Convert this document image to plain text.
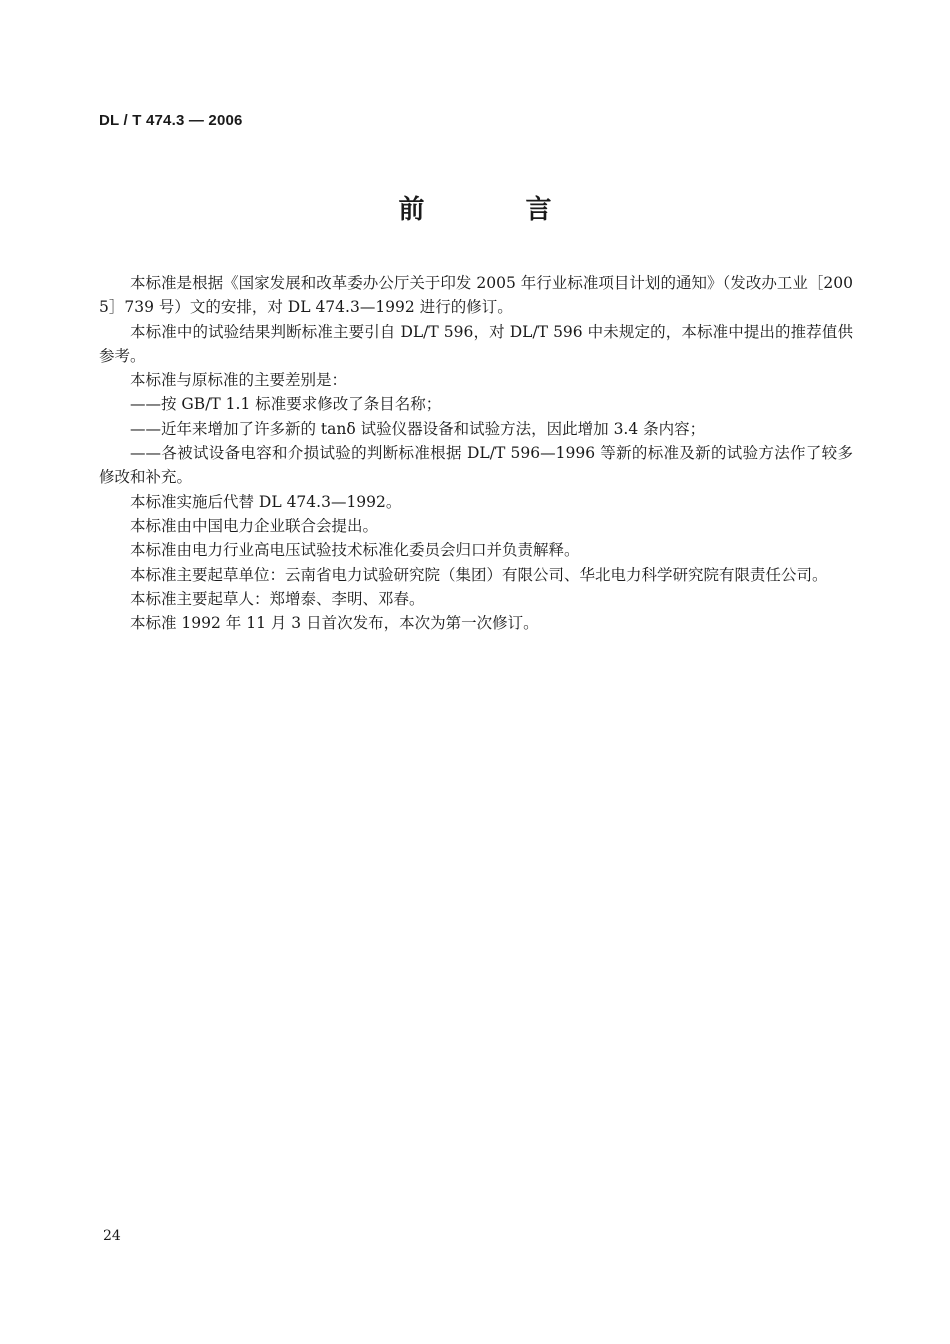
DL / T 474.3 — 2006
前 言

本标准是根据《国家发展和改革委办公厅关于印发 2005 年行业标准项目计划的通知》（发改办工业［2005］739 号）文的安排，对 DL 474.3—1992 进行的修订。

本标准中的试验结果判断标准主要引自 DL/T 596，对 DL/T 596 中未规定的，本标准中提出的推荐值供参考。

本标准与原标准的主要差别是：

——按 GB/T 1.1 标准要求修改了条目名称；

——近年来增加了许多新的 tanδ 试验仪器设备和试验方法，因此增加 3.4 条内容；

——各被试设备电容和介损试验的判断标准根据 DL/T 596—1996 等新的标准及新的试验方法作了较多修改和补充。

本标准实施后代替 DL 474.3—1992。

本标准由中国电力企业联合会提出。

本标准由电力行业高电压试验技术标准化委员会归口并负责解释。

本标准主要起草单位：云南省电力试验研究院（集团）有限公司、华北电力科学研究院有限责任公司。

本标准主要起草人：郑增泰、李明、邓春。

本标准 1992 年 11 月 3 日首次发布，本次为第一次修订。

24
